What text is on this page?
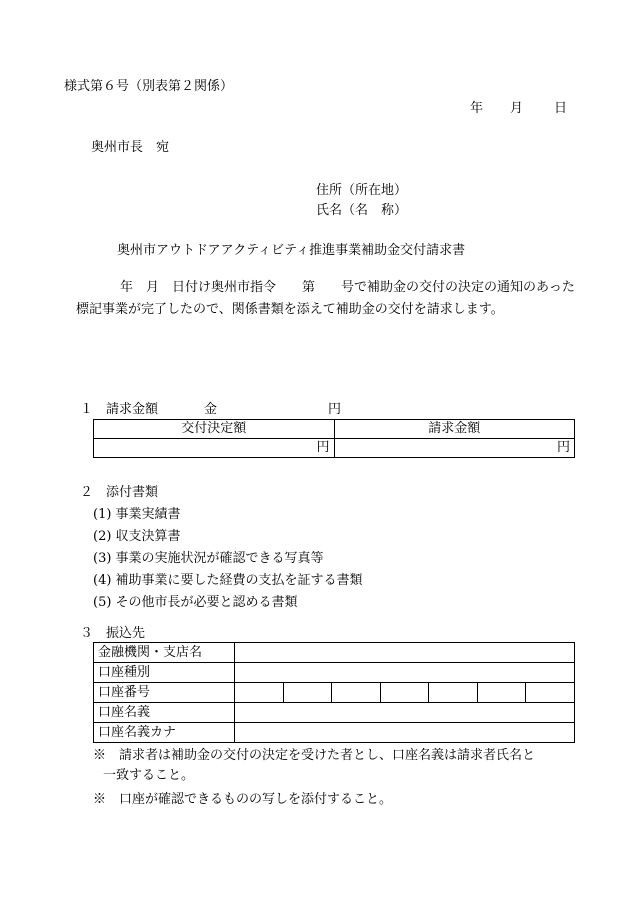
様式第６号（別表第２関係）
年 月 日
奥州市長　宛
住所（所在地）
氏名（名　称）
奥州市アウトドアアクティビティ推進事業補助金交付請求書
年　月　日付け奥州市指令　　第　　号で補助金の交付の決定の通知のあった標記事業が完了したので、関係書類を添えて補助金の交付を請求します。
１　請求金額	金	円
交付決定額	請求金額
円	円
２　添付書類
(1) 事業実績書
(2) 収支決算書
(3) 事業の実施状況が確認できる写真等
(4) 補助事業に要した経費の支払を証する書類
(5) その他市長が必要と認める書類
３　振込先
金融機関・支店名							
口座種別							
口座番号							
口座名義							
口座名義カナ							
※　請求者は補助金の交付の決定を受けた者とし、口座名義は請求者氏名と
一致すること。
※　口座が確認できるものの写しを添付すること。
